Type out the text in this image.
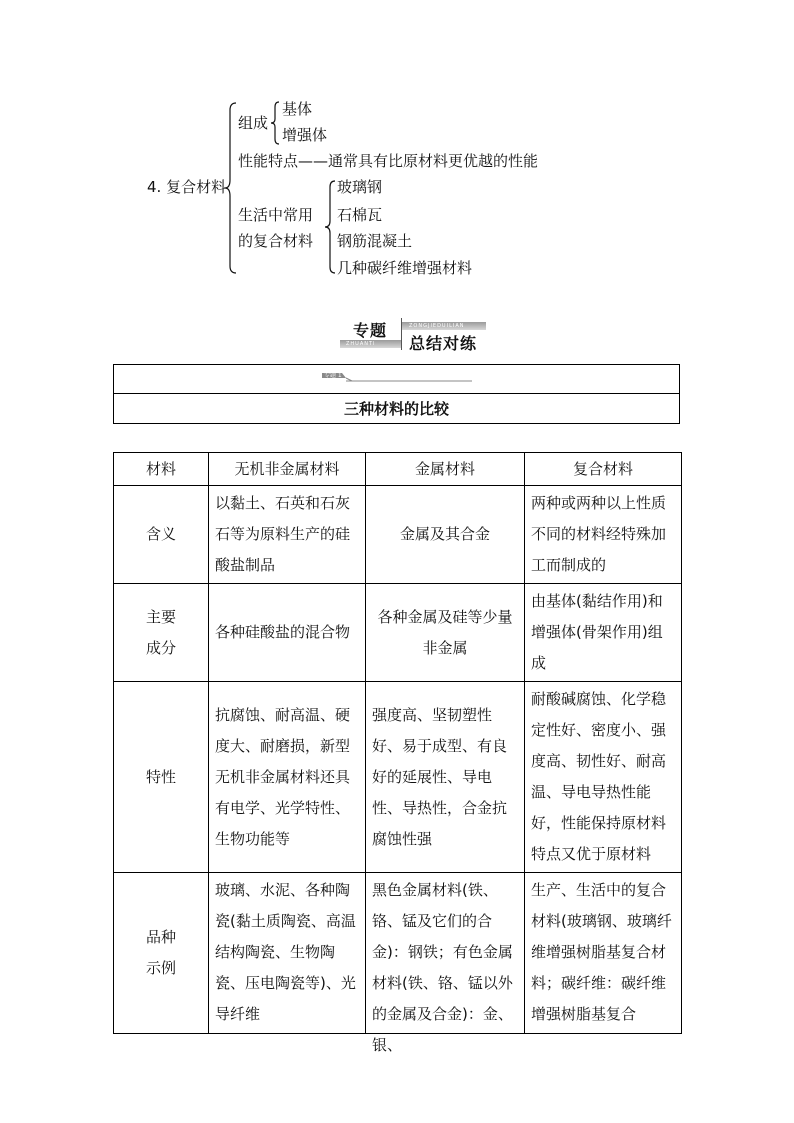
4. 复合材料
组成
基体
增强体
性能特点——通常具有比原材料更优越的性能
生活中常用
的复合材料
玻璃钢
石棉瓦
钢筋混凝土
几种碳纤维增强材料
专题	ZONGJIEDUILIAN
ZHUANTI 总结对练
专题 1
三种材料的比较
材料	无机非金属材料	金属材料	复合材料
含义	以黏土、石英和石灰石等为原料生产的硅酸盐制品	金属及其合金	两种或两种以上性质不同的材料经特殊加工而制成的
主要成分	各种硅酸盐的混合物	各种金属及硅等少量非金属	由基体(黏结作用)和增强体(骨架作用)组成
特性	抗腐蚀、耐高温、硬度大、耐磨损，新型无机非金属材料还具有电学、光学特性、生物功能等	强度高、坚韧塑性好、易于成型、有良好的延展性、导电性、导热性，合金抗腐蚀性强	耐酸碱腐蚀、化学稳定性好、密度小、强度高、韧性好、耐高温、导电导热性能好，性能保持原材料特点又优于原材料
品种示例	玻璃、水泥、各种陶瓷(黏土质陶瓷、高温结构陶瓷、生物陶瓷、压电陶瓷等)、光导纤维	黑色金属材料(铁、铬、锰及它们的合金)：钢铁；有色金属材料(铁、铬、锰以外的金属及合金)：金、银、	生产、生活中的复合材料(玻璃钢、玻璃纤维增强树脂基复合材料；碳纤维：碳纤维增强树脂基复合
